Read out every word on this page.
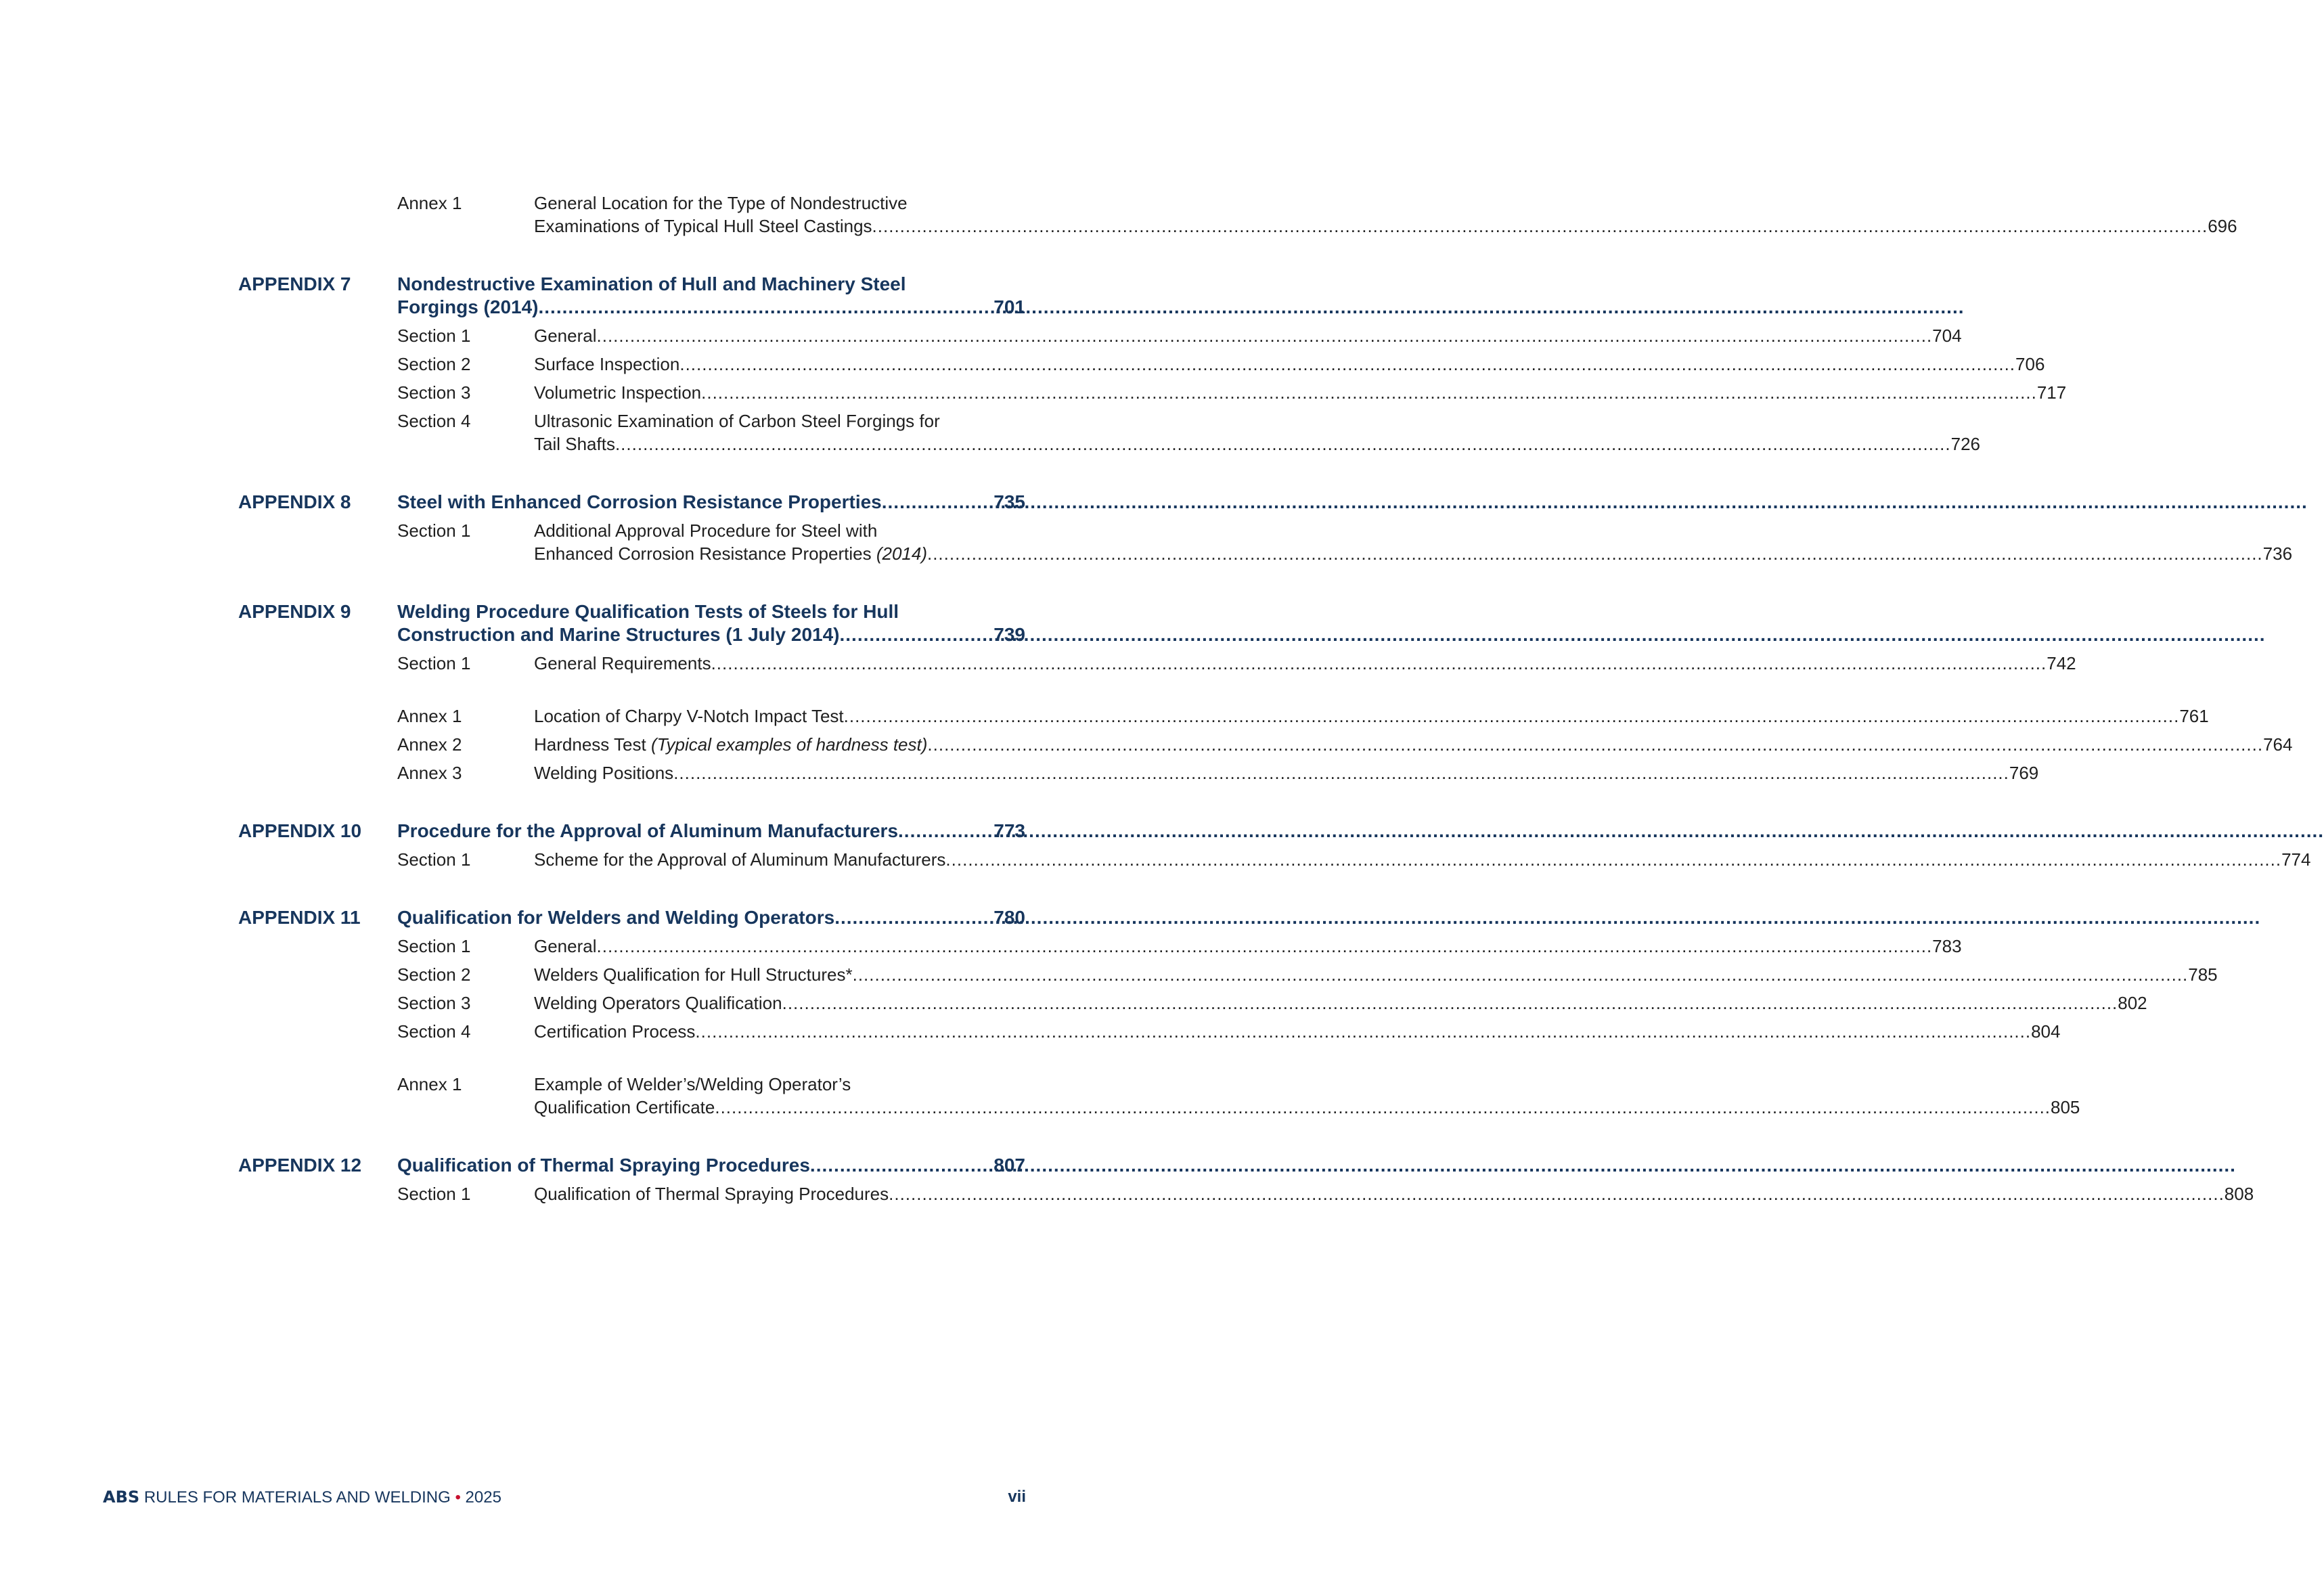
Annex 1	General Location for the Type of Nondestructive
Examinations of Typical Hull Steel Castings .....	696
APPENDIX 7 Nondestructive Examination of Hull and Machinery Steel
Forgings (2014) .....	701
Section 1	General .....	704
Section 2	Surface Inspection .....	706
Section 3	Volumetric Inspection .....	717
Section 4	Ultrasonic Examination of Carbon Steel Forgings for
Tail Shafts .....	726
APPENDIX 8 Steel with Enhanced Corrosion Resistance Properties .....	735
Section 1	Additional Approval Procedure for Steel with
Enhanced Corrosion Resistance Properties (2014) .....	736
APPENDIX 9 Welding Procedure Qualification Tests of Steels for Hull
Construction and Marine Structures (1 July 2014) .....	739
Section 1	General Requirements .....	742
Annex 1	Location of Charpy V-Notch Impact Test .....	761
Annex 2	Hardness Test (Typical examples of hardness test) .....	764
Annex 3	Welding Positions .....	769
APPENDIX 10 Procedure for the Approval of Aluminum Manufacturers .....	773
Section 1	Scheme for the Approval of Aluminum Manufacturers .....	774
APPENDIX 11 Qualification for Welders and Welding Operators .....	780
Section 1	General .....	783
Section 2	Welders Qualification for Hull Structures* .....	785
Section 3	Welding Operators Qualification .....	802
Section 4	Certification Process .....	804
Annex 1	Example of Welder’s/Welding Operator’s
Qualification Certificate .....	805
APPENDIX 12 Qualification of Thermal Spraying Procedures .....	807
Section 1	Qualification of Thermal Spraying Procedures .....	808
ABS RULES FOR MATERIALS AND WELDING • 2025	vii
